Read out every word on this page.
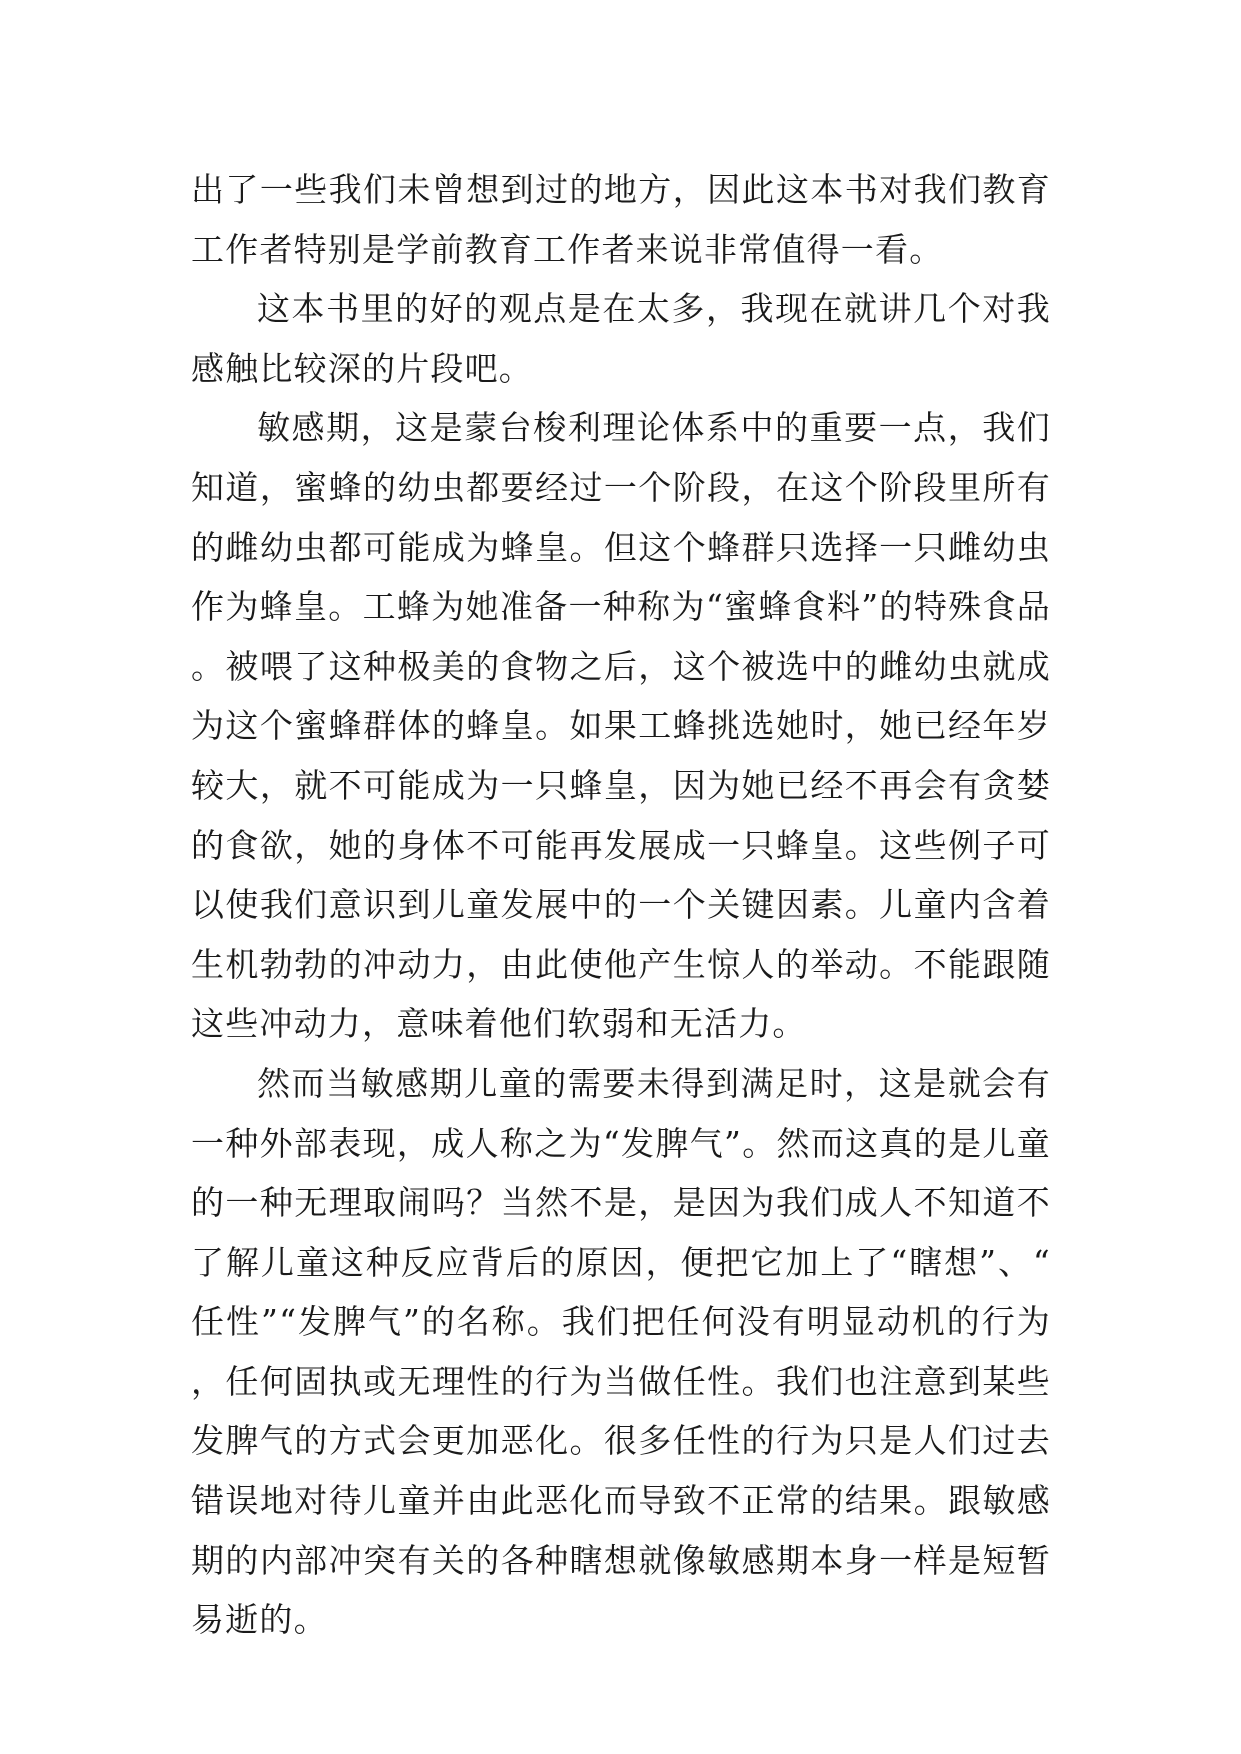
出了一些我们未曾想到过的地方，因此这本书对我们教育工作者特别是学前教育工作者来说非常值得一看。

这本书里的好的观点是在太多，我现在就讲几个对我感触比较深的片段吧。

敏感期，这是蒙台梭利理论体系中的重要一点，我们知道，蜜蜂的幼虫都要经过一个阶段，在这个阶段里所有的雌幼虫都可能成为蜂皇。但这个蜂群只选择一只雌幼虫作为蜂皇。工蜂为她准备一种称为“蜜蜂食料”的特殊食品。被喂了这种极美的食物之后，这个被选中的雌幼虫就成为这个蜜蜂群体的蜂皇。如果工蜂挑选她时，她已经年岁较大，就不可能成为一只蜂皇，因为她已经不再会有贪婪的食欲，她的身体不可能再发展成一只蜂皇。这些例子可以使我们意识到儿童发展中的一个关键因素。儿童内含着生机勃勃的冲动力，由此使他产生惊人的举动。不能跟随这些冲动力，意味着他们软弱和无活力。

然而当敏感期儿童的需要未得到满足时，这是就会有一种外部表现，成人称之为“发脾气”。然而这真的是儿童的一种无理取闹吗？当然不是，是因为我们成人不知道不了解儿童这种反应背后的原因，便把它加上了“瞎想”、“任性”“发脾气”的名称。我们把任何没有明显动机的行为，任何固执或无理性的行为当做任性。我们也注意到某些发脾气的方式会更加恶化。很多任性的行为只是人们过去错误地对待儿童并由此恶化而导致不正常的结果。跟敏感期的内部冲突有关的各种瞎想就像敏感期本身一样是短暂易逝的。
